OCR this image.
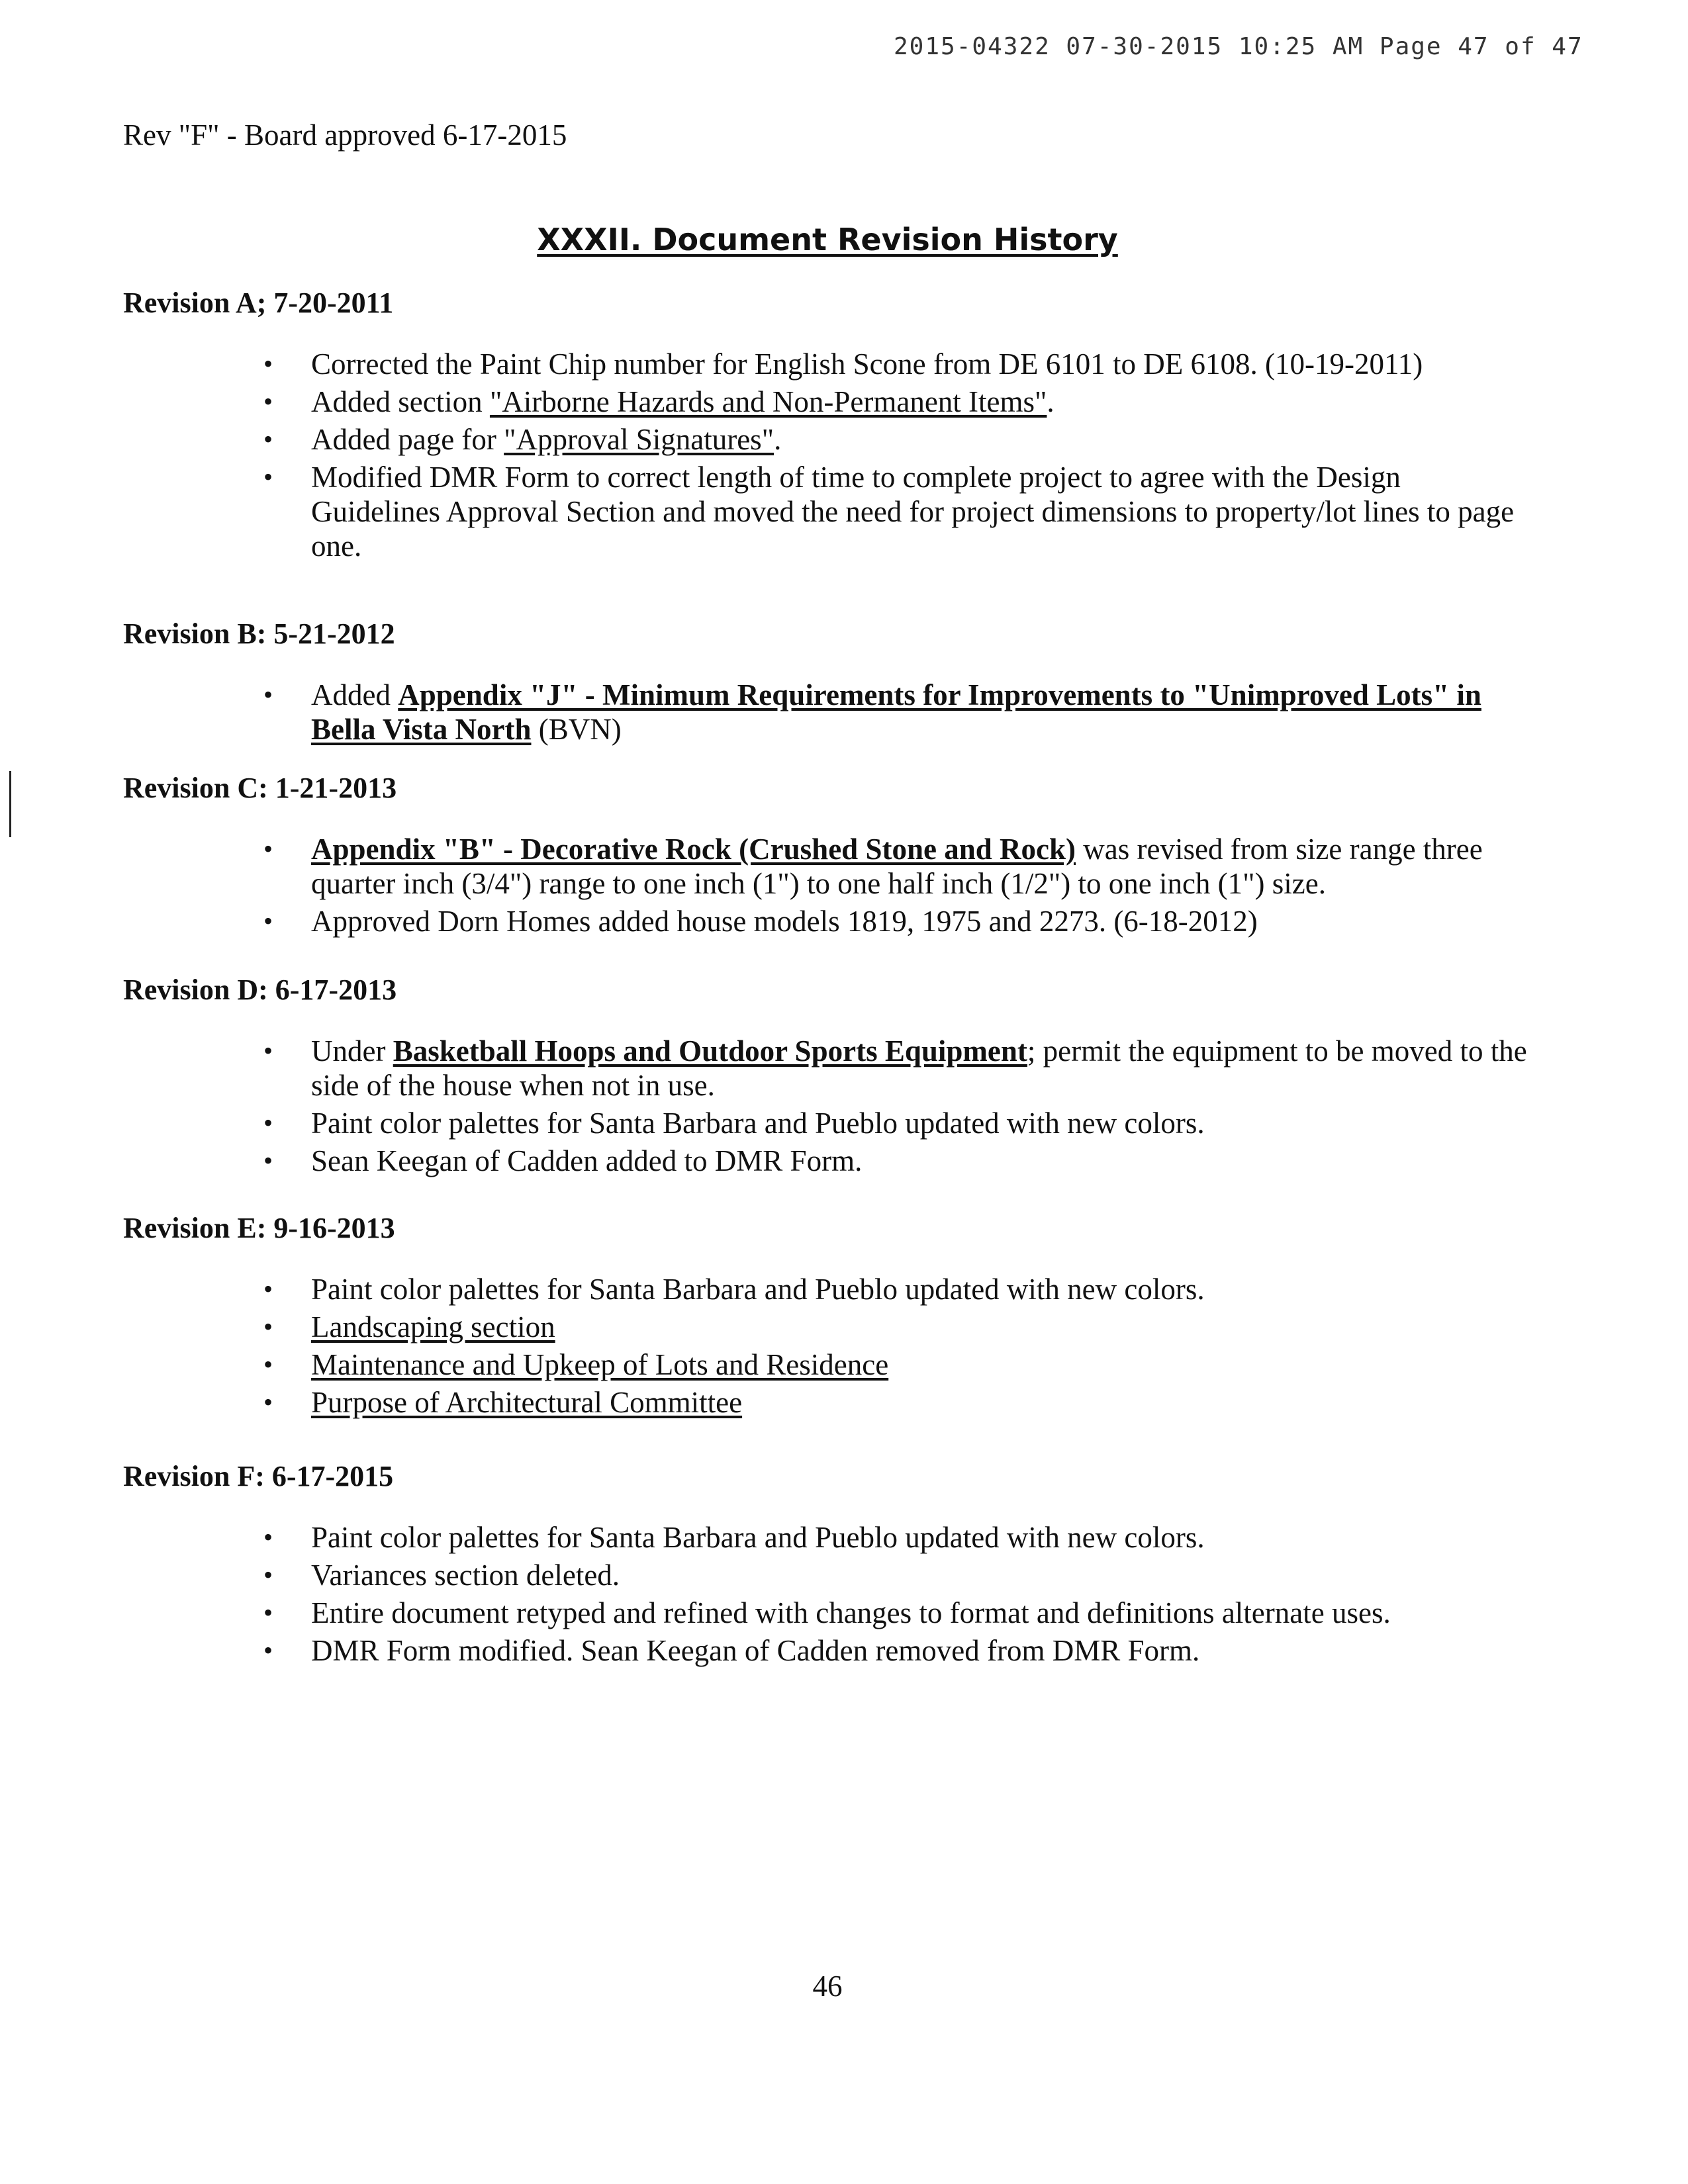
2015-04322 07-30-2015 10:25 AM Page 47 of 47
Rev "F" - Board approved 6-17-2015
XXXII. Document Revision History
Revision A; 7-20-2011
• Corrected the Paint Chip number for English Scone from DE 6101 to DE 6108. (10-19-2011)
• Added section "Airborne Hazards and Non-Permanent Items".
• Added page for "Approval Signatures".
• Modified DMR Form to correct length of time to complete project to agree with the Design Guidelines Approval Section and moved the need for project dimensions to property/lot lines to page one.
Revision B: 5-21-2012
• Added Appendix "J" - Minimum Requirements for Improvements to "Unimproved Lots" in Bella Vista North (BVN)
Revision C: 1-21-2013
• Appendix "B" - Decorative Rock (Crushed Stone and Rock) was revised from size range three quarter inch (3/4") range to one inch (1") to one half inch (1/2") to one inch (1") size.
• Approved Dorn Homes added house models 1819, 1975 and 2273. (6-18-2012)
Revision D: 6-17-2013
• Under Basketball Hoops and Outdoor Sports Equipment; permit the equipment to be moved to the side of the house when not in use.
• Paint color palettes for Santa Barbara and Pueblo updated with new colors.
• Sean Keegan of Cadden added to DMR Form.
Revision E: 9-16-2013
• Paint color palettes for Santa Barbara and Pueblo updated with new colors.
• Landscaping section
• Maintenance and Upkeep of Lots and Residence
• Purpose of Architectural Committee
Revision F: 6-17-2015
• Paint color palettes for Santa Barbara and Pueblo updated with new colors.
• Variances section deleted.
• Entire document retyped and refined with changes to format and definitions alternate uses.
• DMR Form modified. Sean Keegan of Cadden removed from DMR Form.
46
